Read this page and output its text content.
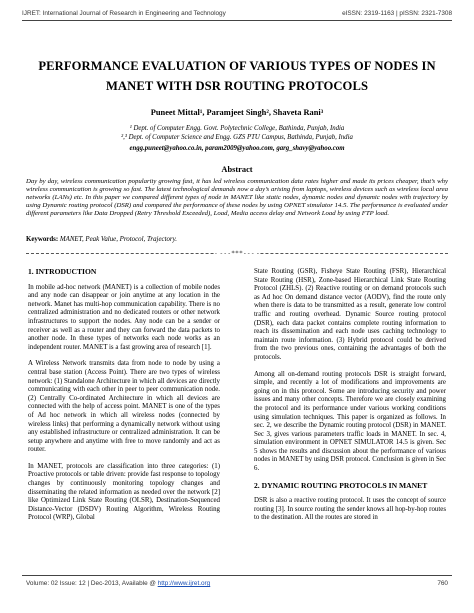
IJRET: International Journal of Research in Engineering and Technology	eISSN: 2319-1163 | pISSN: 2321-7308
PERFORMANCE EVALUATION OF VARIOUS TYPES OF NODES IN
MANET WITH DSR ROUTING PROTOCOLS
Puneet Mittal¹, Paramjeet Singh², Shaveta Rani³
¹ Dept. of Computer Engg. Govt. Polytechnic College, Bathinda, Punjab, India
²,³ Dept. of Computer Science and Engg. GZS PTU Campus, Bathinda, Punjab, India
engg.puneet@yahoo.co.in, param2009@yahoo.com, garg_shavy@yahoo.com
Abstract
Day by day, wireless communication popularity growing fast, it has led wireless communication data rates higher and made its prices cheaper, that’s why wireless communication is growing so fast. The latest technological demands now a day’s arising from laptops, wireless devices such as wireless local area networks (LANs) etc. In this paper we compared different types of node in MANET like static nodes, dynamic nodes and dynamic nodes with trajectory by using Dynamic routing protocol (DSR) and compared the performance of these nodes by using OPNET simulator 14.5. The performance is evaluated under different parameters like Data Dropped (Retry Threshold Exceeded), Load, Media access delay and Network Load by using FTP load.
Keywords: MANET, Peak Value, Protocol, Trajectory.
---***---
1. INTRODUCTION

In mobile ad-hoc network (MANET) is a collection of mobile nodes and any node can disappear or join anytime at any location in the network. Manet has multi-hop communication capability. There is no centralized administration and no dedicated routers or other network infrastructures to support the nodes. Any node can be a sender or receiver as well as a router and they can forward the data packets to another node. In these types of networks each node works as an independent router. MANET is a fast growing area of research [1].

A Wireless Network transmits data from node to node by using a central base station (Access Point). There are two types of wireless network: (1) Standalone Architecture in which all devices are directly communicating with each other in peer to peer communication node. (2) Centrally Co-ordinated Architecture in which all devices are connected with the help of access point. MANET is one of the types of Ad hoc network in which all wireless nodes (connected by wireless links) that performing a dynamically network without using any established infrastructure or centralized administration. It can be setup anywhere and anytime with free to move randomly and act as router.

In MANET, protocols are classification into three categories: (1) Proactive protocols or table driven: provide fast response to topology changes by continuously monitoring topology changes and disseminating the related information as needed over the network [2] like Optimized Link State Routing (OLSR), Destination-Sequenced Distance-Vector (DSDV) Routing Algorithm, Wireless Routing Protocol (WRP), Global

State Routing (GSR), Fisheye State Routing (FSR), Hierarchical State Routing (HSR), Zone-based Hierarchical Link State Routing Protocol (ZHLS). (2) Reactive routing or on demand protocols such as Ad hoc On demand distance vector (AODV), find the route only when there is data to be transmitted as a result, generate low control traffic and routing overhead. Dynamic Source routing protocol (DSR), each data packet contains complete routing information to reach its dissemination and each node uses caching technology to maintain route information. (3) Hybrid protocol could be derived from the two previous ones, containing the advantages of both the protocols.

Among all on-demand routing protocols DSR is straight forward, simple, and recently a lot of modifications and improvements are going on in this protocol. Some are introducing security and power issues and many other concepts. Therefore we are closely examining the protocol and its performance under various working conditions using simulation techniques. This paper is organized as follows. In sec. 2, we describe the Dynamic routing protocol (DSR) in MANET. Sec 3, gives various parameters traffic loads in MANET. In sec. 4, simulation environment in OPNET SIMULATOR 14.5 is given. Sec 5 shows the results and discussion about the performance of various nodes in MANET by using DSR protocol. Conclusion is given in Sec 6.

2. DYNAMIC ROUTING PROTOCOLS IN MANET

DSR is also a reactive routing protocol. It uses the concept of source routing [3]. In source routing the sender knows all hop-by-hop routes to the destination. All the routes are stored in

Volume: 02 Issue: 12 | Dec-2013, Available @ http://www.ijret.org	760
